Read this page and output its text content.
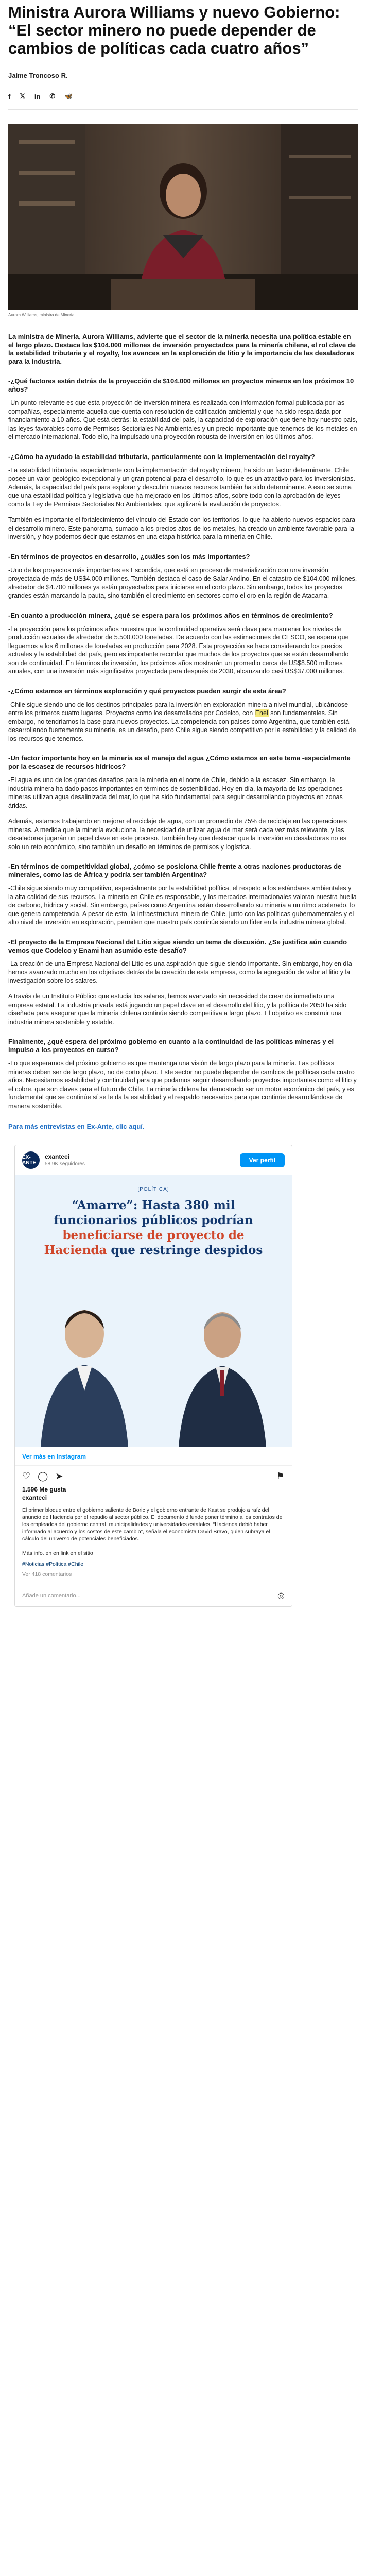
Ministra Aurora Williams y nuevo Gobierno: “El sector minero no puede depender de cambios de políticas cada cuatro años”
Jaime Troncoso R.
f 𝕏 in ✆ 🦋
Aurora Williams, ministra de Minería.

La ministra de Minería, Aurora Williams, advierte que el sector de la minería necesita una política estable en el largo plazo. Destaca los $104.000 millones de inversión proyectados para la minería chilena, el rol clave de la estabilidad tributaria y el royalty, los avances en la exploración de litio y la importancia de las desaladoras para la industria.

-¿Qué factores están detrás de la proyección de $104.000 millones en proyectos mineros en los próximos 10 años?

-Un punto relevante es que esta proyección de inversión minera es realizada con información formal publicada por las compañías, especialmente aquella que cuenta con resolución de calificación ambiental y que ha sido respaldada por financiamiento a 10 años. Qué está detrás: la estabilidad del país, la capacidad de exploración que tiene hoy nuestro país, las leyes favorables como de Permisos Sectoriales No Ambientales y un precio importante que tenemos de los metales en el mercado internacional. Todo ello, ha impulsado una proyección robusta de inversión en los últimos años.

-¿Cómo ha ayudado la estabilidad tributaria, particularmente con la implementación del royalty?

-La estabilidad tributaria, especialmente con la implementación del royalty minero, ha sido un factor determinante. Chile posee un valor geológico excepcional y un gran potencial para el desarrollo, lo que es un atractivo para los inversionistas. Además, la capacidad del país para explorar y descubrir nuevos recursos también ha sido determinante. A esto se suma que una estabilidad política y legislativa que ha mejorado en los últimos años, sobre todo con la aprobación de leyes como la Ley de Permisos Sectoriales No Ambientales, que agilizará la evaluación de proyectos.

También es importante el fortalecimiento del vínculo del Estado con los territorios, lo que ha abierto nuevos espacios para el desarrollo minero. Este panorama, sumado a los precios altos de los metales, ha creado un ambiente favorable para la inversión, y hoy podemos decir que estamos en una etapa histórica para la minería en Chile.

-En términos de proyectos en desarrollo, ¿cuáles son los más importantes?

-Uno de los proyectos más importantes es Escondida, que está en proceso de materialización con una inversión proyectada de más de US$4.000 millones. También destaca el caso de Salar Andino. En el catastro de $104.000 millones, alrededor de $4.700 millones ya están proyectados para iniciarse en el corto plazo. Sin embargo, todos los proyectos grandes están marcando la pauta, sino también el crecimiento en sectores como el oro en la región de Atacama.

-En cuanto a producción minera, ¿qué se espera para los próximos años en términos de crecimiento?

-La proyección para los próximos años muestra que la continuidad operativa será clave para mantener los niveles de producción actuales de alrededor de 5.500.000 toneladas. De acuerdo con las estimaciones de CESCO, se espera que lleguemos a los 6 millones de toneladas en producción para 2028. Esta proyección se hace considerando los precios actuales y la estabilidad del país, pero es importante recordar que muchos de los proyectos que se están desarrollando son de continuidad. En términos de inversión, los próximos años mostrarán un promedio cerca de US$8.500 millones anuales, con una inversión más significativa proyectada para después de 2030, alcanzando casi US$37.000 millones.

-¿Cómo estamos en términos exploración y qué proyectos pueden surgir de esta área?

-Chile sigue siendo uno de los destinos principales para la inversión en exploración minera a nivel mundial, ubicándose entre los primeros cuatro lugares. Proyectos como los desarrollados por Codelco, con Enel son fundamentales. Sin embargo, no tendríamos la base para nuevos proyectos. La competencia con países como Argentina, que también está desarrollando fuertemente su minería, es un desafío, pero Chile sigue siendo competitivo por la estabilidad y la calidad de los recursos que tenemos.

-Un factor importante hoy en la minería es el manejo del agua ¿Cómo estamos en este tema -especialmente por la escasez de recursos hídricos?

-El agua es uno de los grandes desafíos para la minería en el norte de Chile, debido a la escasez. Sin embargo, la industria minera ha dado pasos importantes en términos de sostenibilidad. Hoy en día, la mayoría de las operaciones mineras utilizan agua desalinizada del mar, lo que ha sido fundamental para seguir desarrollando proyectos en zonas áridas.

Además, estamos trabajando en mejorar el reciclaje de agua, con un promedio de 75% de reciclaje en las operaciones mineras. A medida que la minería evoluciona, la necesidad de utilizar agua de mar será cada vez más relevante, y las desaladoras jugarán un papel clave en este proceso. También hay que destacar que la inversión en desaladoras no es solo un reto económico, sino también un desafío en términos de permisos y logística.

-En términos de competitividad global, ¿cómo se posiciona Chile frente a otras naciones productoras de minerales, como las de África y podría ser también Argentina?

-Chile sigue siendo muy competitivo, especialmente por la estabilidad política, el respeto a los estándares ambientales y la alta calidad de sus recursos. La minería en Chile es responsable, y los mercados internacionales valoran nuestra huella de carbono, hídrica y social. Sin embargo, países como Argentina están desarrollando su minería a un ritmo acelerado, lo que genera competencia. A pesar de esto, la infraestructura minera de Chile, junto con las políticas gubernamentales y el alto nivel de inversión en exploración, permiten que nuestro país continúe siendo un líder en la industria minera global.

-El proyecto de la Empresa Nacional del Litio sigue siendo un tema de discusión. ¿Se justifica aún cuando vemos que Codelco y Enami han asumido este desafío?

-La creación de una Empresa Nacional del Litio es una aspiración que sigue siendo importante. Sin embargo, hoy en día hemos avanzado mucho en los objetivos detrás de la creación de esta empresa, como la agregación de valor al litio y la investigación sobre los salares.

A través de un Instituto Público que estudia los salares, hemos avanzado sin necesidad de crear de inmediato una empresa estatal. La industria privada está jugando un papel clave en el desarrollo del litio, y la política de 2050 ha sido diseñada para asegurar que la minería chilena continúe siendo competitiva a largo plazo. El objetivo es construir una industria minera sostenible y estable.

Finalmente, ¿qué espera del próximo gobierno en cuanto a la continuidad de las políticas mineras y el impulso a los proyectos en curso?

-Lo que esperamos del próximo gobierno es que mantenga una visión de largo plazo para la minería. Las políticas mineras deben ser de largo plazo, no de corto plazo. Este sector no puede depender de cambios de políticas cada cuatro años. Necesitamos estabilidad y continuidad para que podamos seguir desarrollando proyectos importantes como el litio y el cobre, que son claves para el futuro de Chile. La minería chilena ha demostrado ser un motor económico del país, y es fundamental que se continúe sí se le da la estabilidad y el respaldo necesarios para que continúe desarrollándose de manera sostenible.

Para más entrevistas en Ex-Ante, clic aquí.
EX-ANTE
exanteci
58,9K seguidores
Ver perfil
[POLÍTICA]
“Amarre”: Hasta 380 mil funcionarios públicos podrían beneficiarse de proyecto de Hacienda que restringe despidos
Ver más en Instagram
♡ ◯ ➤	⚑
1.596 Me gusta
exanteci
El primer bloque entre el gobierno saliente de Boric y el gobierno entrante de Kast se produjo a raíz del anuncio de Hacienda por el repudio al sector público. El documento difunde poner término a los contratos de los empleados del gobierno central, municipalidades y universidades estatales. “Hacienda debió haber informado al acuerdo y los costos de este cambio”, señala el economista David Bravo, quien subraya el cálculo del universo de potenciales beneficiados.

Más info. en en link en el sitio
#Noticias #Política #Chile
Ver 418 comentarios
Añade un comentario...	◎
